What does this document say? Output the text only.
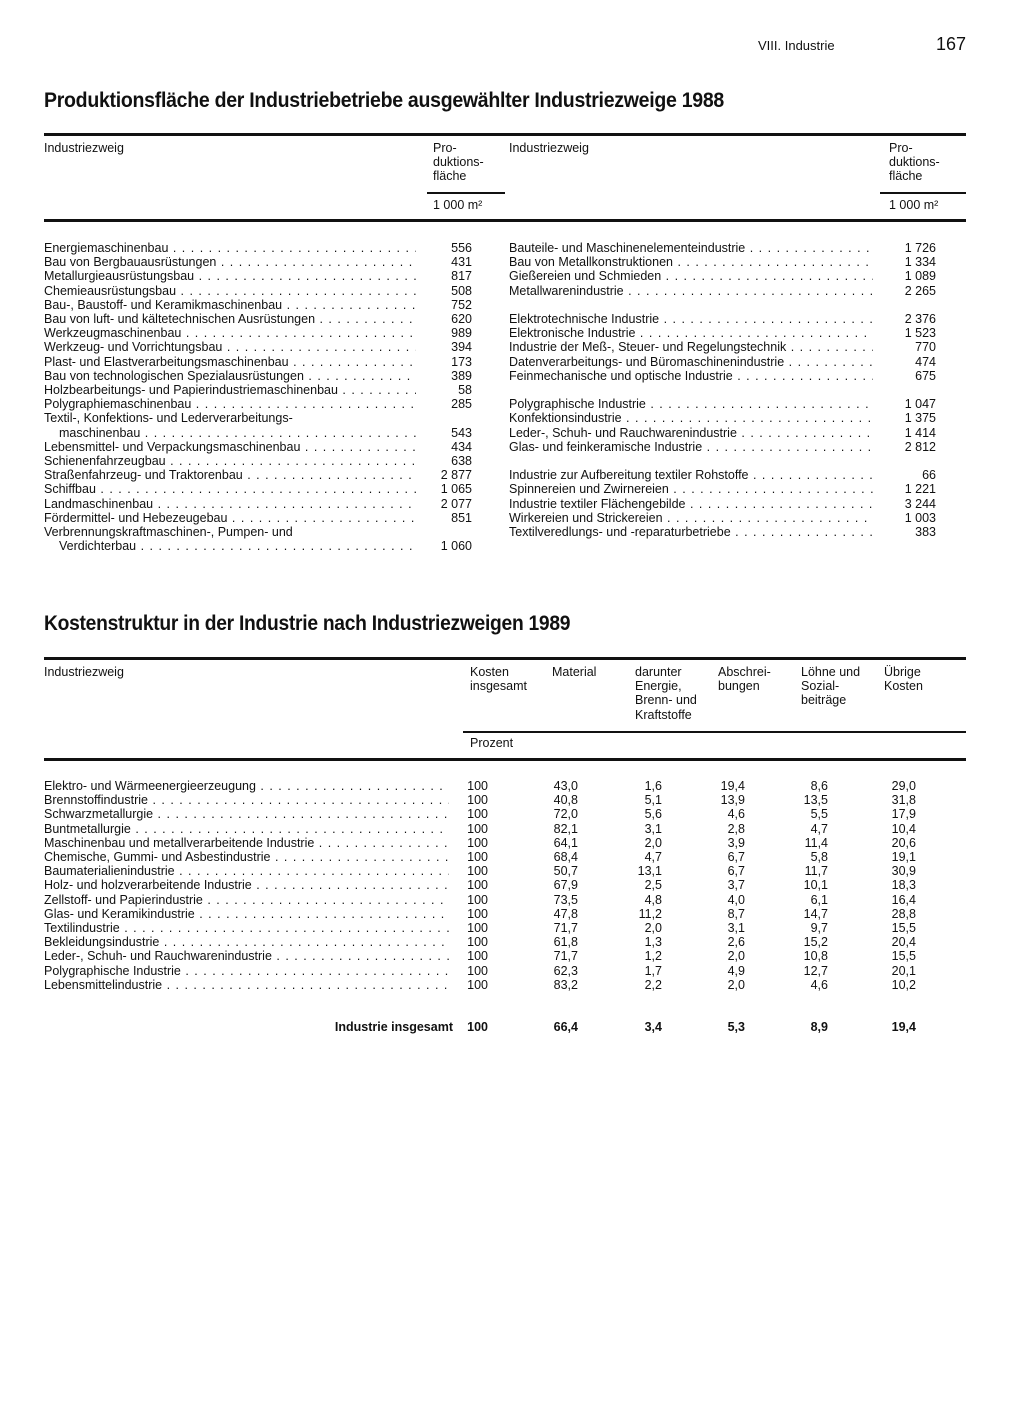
VIII. Industrie	167
Produktionsfläche der Industriebetriebe ausgewählter Industriezweige 1988
Industriezweig	Pro-
duktions-
fläche
Industriezweig	Pro-
duktions-
fläche
1 000 m²	1 000 m²
Energiemaschinenbau . . .	556
Bau von Bergbauausrüstungen . . .	431
Metallurgieausrüstungsbau . . .	817
Chemieausrüstungsbau . . .	508
Bau-, Baustoff- und Keramikmaschinenbau . . .	752
Bau von luft- und kältetechnischen Ausrüstungen . . .	620
Werkzeugmaschinenbau . . .	989
Werkzeug- und Vorrichtungsbau . . .	394
Plast- und Elastverarbeitungsmaschinenbau . . .	173
Bau von technologischen Spezialausrüstungen . . .	389
Holzbearbeitungs- und Papierindustriemaschinenbau . . .	58
Polygraphiemaschinenbau . . .	285
Textil-, Konfektions- und Lederverarbeitungs-
maschinenbau . . .	543
Lebensmittel- und Verpackungsmaschinenbau . . .	434
Schienenfahrzeugbau . . .	638
Straßenfahrzeug- und Traktorenbau . . .	2 877
Schiffbau . . .	1 065
Landmaschinenbau . . .	2 077
Fördermittel- und Hebezeugebau . . .	851
Verbrennungskraftmaschinen-, Pumpen- und
Verdichterbau . . .	1 060
Bauteile- und Maschinenelementeindustrie . . .	1 726
Bau von Metallkonstruktionen . . .	1 334
Gießereien und Schmieden . . .	1 089
Metallwarenindustrie . . .	2 265
Elektrotechnische Industrie . . .	2 376
Elektronische Industrie . . .	1 523
Industrie der Meß-, Steuer- und Regelungstechnik . . .	770
Datenverarbeitungs- und Büromaschinenindustrie . . .	474
Feinmechanische und optische Industrie . . .	675
Polygraphische Industrie . . .	1 047
Konfektionsindustrie . . .	1 375
Leder-, Schuh- und Rauchwarenindustrie . . .	1 414
Glas- und feinkeramische Industrie . . .	2 812
Industrie zur Aufbereitung textiler Rohstoffe . . .	66
Spinnereien und Zwirnereien . . .	1 221
Industrie textiler Flächengebilde . . .	3 244
Wirkereien und Strickereien . . .	1 003
Textilveredlungs- und -reparaturbetriebe . . .	383
Kostenstruktur in der Industrie nach Industriezweigen 1989
Industriezweig	Kosten
insgesamt
Material	darunter
Energie,
Brenn- und
Kraftstoffe
Abschrei-
bungen
Löhne und
Sozial-
beiträge
Übrige
Kosten
Prozent
Elektro- und Wärmeenergieerzeugung . . .	100	43,0	1,6	19,4	8,6	29,0
Brennstoffindustrie . . .	100	40,8	5,1	13,9	13,5	31,8
Schwarzmetallurgie . . .	100	72,0	5,6	4,6	5,5	17,9
Buntmetallurgie . . .	100	82,1	3,1	2,8	4,7	10,4
Maschinenbau und metallverarbeitende Industrie . . .	100	64,1	2,0	3,9	11,4	20,6
Chemische, Gummi- und Asbestindustrie . . .	100	68,4	4,7	6,7	5,8	19,1
Baumaterialienindustrie . . .	100	50,7	13,1	6,7	11,7	30,9
Holz- und holzverarbeitende Industrie . . .	100	67,9	2,5	3,7	10,1	18,3
Zellstoff- und Papierindustrie . . .	100	73,5	4,8	4,0	6,1	16,4
Glas- und Keramikindustrie . . .	100	47,8	11,2	8,7	14,7	28,8
Textilindustrie . . .	100	71,7	2,0	3,1	9,7	15,5
Bekleidungsindustrie . . .	100	61,8	1,3	2,6	15,2	20,4
Leder-, Schuh- und Rauchwarenindustrie . . .	100	71,7	1,2	2,0	10,8	15,5
Polygraphische Industrie . . .	100	62,3	1,7	4,9	12,7	20,1
Lebensmittelindustrie . . .	100	83,2	2,2	2,0	4,6	10,2
Industrie insgesamt 100	66,4	3,4	5,3	8,9	19,4
